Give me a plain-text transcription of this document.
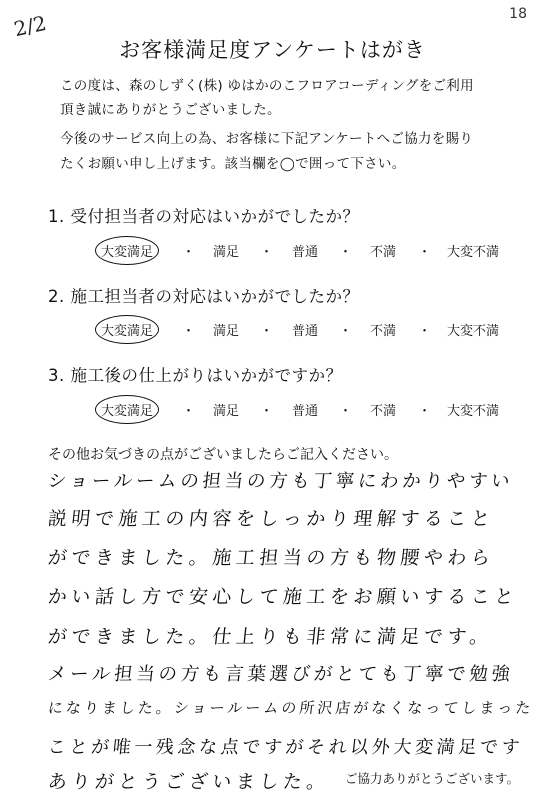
2/2	18
お客様満足度アンケートはがき
この度は、森のしずく(株) ゆはかのこフロアコーディングをご利用
頂き誠にありがとうございました。
今後のサービス向上の為、お客様に下記アンケートへご協力を賜り
たくお願い申し上げます。該当欄を◯で囲って下さい。
1. 受付担当者の対応はいかがでしたか？
大変満足	・ 満足 ・ 普通 ・ 不満 ・ 大変不満
2. 施工担当者の対応はいかがでしたか？
大変満足	・ 満足 ・ 普通 ・ 不満 ・ 大変不満
3. 施工後の仕上がりはいかがですか？
大変満足	・ 満足 ・ 普通 ・ 不満 ・ 大変不満
その他お気づきの点がございましたらご記入ください。
ショールームの担当の方も丁寧にわかりやすい
説明で施工の内容をしっかり理解すること
ができました。施工担当の方も物腰やわら
かい話し方で安心して施工をお願いすること
ができました。仕上りも非常に満足です。
メール担当の方も言葉選びがとても丁寧で勉強
になりました。ショールームの所沢店がなくなってしまった
ことが唯一残念な点ですがそれ以外大変満足です
ありがとうございました。 ご協力ありがとうございます。
